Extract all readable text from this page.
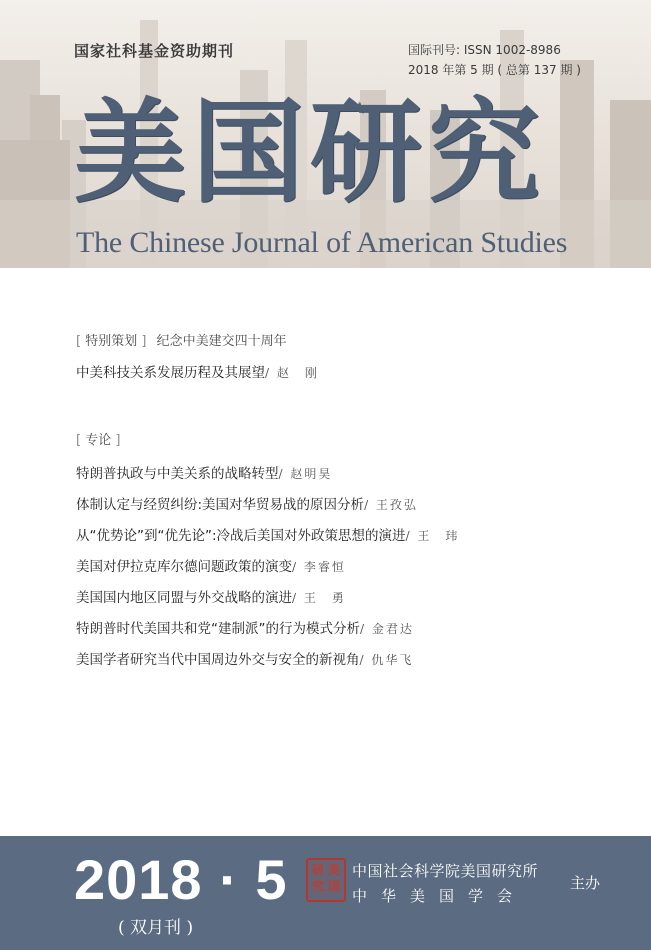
国家社科基金资助期刊	国际刊号: ISSN 1002-8986
2018 年第 5 期 ( 总第 137 期 )
美国研究
The Chinese Journal of American Studies
[ 特别策划 ] 纪念中美建交四十周年
中美科技关系发展历程及其展望/ 赵　刚
[ 专论 ]
特朗普执政与中美关系的战略转型/ 赵明昊
体制认定与经贸纠纷:美国对华贸易战的原因分析/ 王孜弘
从“优势论”到“优先论”:冷战后美国对外政策思想的演进/ 王　玮
美国对伊拉克库尔德问题政策的演变/ 李睿恒
美国国内地区同盟与外交战略的演进/ 王　勇
特朗普时代美国共和党“建制派”的行为模式分析/ 金君达
美国学者研究当代中国周边外交与安全的新视角/ 仇华飞
2018 · 5
( 双月刊 )
美
国
研
究
中国社会科学院美国研究所
中华美国学会
主办
